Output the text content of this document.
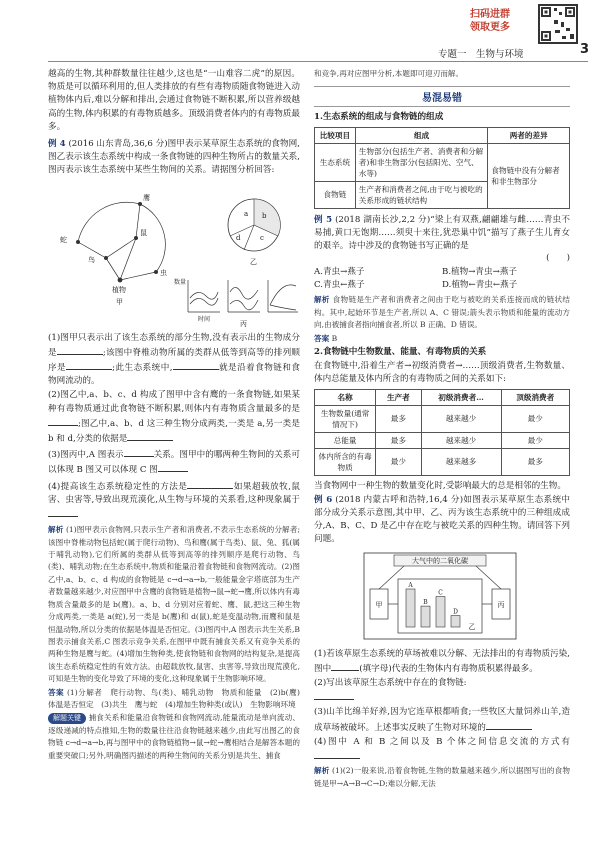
扫码进群
领取更多
专题一　生物与环境	3

越高的生物,其种群数量往往越少,这也是“一山难容二虎”的原因。物质是可以循环利用的,但人类排放的有些有毒物质随食物链进入动植物体内后,难以分解和排出,会通过食物链不断积累,所以营养级越高的生物,体内积累的有毒物质越多。顶级消费者体内的有毒物质最多。

例 4 (2016 山东青岛,36,6 分)图甲表示某草原生态系统的食物网,图乙表示该生态系统中构成一条食物链的四种生物所占的数量关系,图丙表示该生态系统中某些生物间的关系。请据图分析回答:

鹰
蛇
鼠
鸟
虫
植物
甲
a b
c
d
乙
数量
时间
丙

(1)图甲只表示出了该生态系统的部分生物,没有表示出的生物成分是	;该图中脊椎动物所属的类群从低等到高等的排列顺序是	;此生态系统中,	就是沿着食物链和食物网流动的。

(2)图乙中,a、b、c、d 构成了图甲中含有鹰的一条食物链,如果某种有毒物质通过此食物链不断积累,则体内有毒物质含量最多的是;图乙中,a、b、d 这三种生物分成两类,一类是 a,另一类是 b 和 d,分类的依据是

(3)图丙中,A 图表示	关系。图甲中的哪两种生物间的关系可以体现 B 图又可以体现 C 图

(4)提高该生态系统稳定性的方法是	如果超载放牧,鼠害、虫害等,导致出现荒漠化,从生物与环境的关系看,这种现象属于

解析 (1)图甲表示食物网,只表示生产者和消费者,不表示生态系统的分解者;该图中脊椎动物包括蛇(属于爬行动物)、鸟和鹰(属于鸟类)、鼠、兔、狐(属于哺乳动物),它们所属的类群从低等到高等的排列顺序是爬行动物、鸟(类)、哺乳动物;在生态系统中,物质和能量沿着食物链和食物网流动。(2)图乙中,a、b、c、d 构成的食物链是 c→d→a→b,一般能量金字塔底部为生产者数量越来越少,对应图甲中含鹰的食物链是植物→鼠→蛇→鹰,所以体内有毒物质含量最多的是 b(鹰)。a、b、d 分别对应着蛇、鹰、鼠,把这三种生物分成两类,一类是 a(蛇),另一类是 b(鹰)和 d(鼠),蛇是变温动物,而鹰和鼠是恒温动物,所以分类的依据是体温是否恒定。(3)图丙中,A 图表示共生关系,B 图表示捕食关系,C 图表示竞争关系,在图甲中既有捕食关系又有竞争关系的两种生物是鹰与蛇。(4)增加生物种类,使食物链和食物网的结构复杂,是提高该生态系统稳定性的有效方法。由超载放牧,鼠害、虫害等,导致出现荒漠化,可知是生物的变化导致了环境的变化,这种现象属于生物影响环境。

答案 (1)分解者　爬行动物、鸟(类)、哺乳动物　物质和能量　(2)b(鹰)　体温是否恒定　(3)共生　鹰与蛇　(4)增加生物种类(或认)　生物影响环境

解题关键 捕食关系和能量沿食物链和食物网流动,能量流动是单向流动、逐级递减的特点推知,生物的数量往往沿食物链越来越少,由此写出图乙的食物链 c→d→a→b,再与图甲中的食物链植物→鼠→蛇→鹰相结合是解答本题的重要突破口;另外,明确图丙描述的两种生物间的关系分别是共生、捕食

和竞争,再对应图甲分析,本题即可迎刃而解。

易混易错

1.生态系统的组成与食物链的组成

比较项目	组成	两者的差异
生态系统	生物部分(包括生产者、消费者和分解者)和非生物部分(包括阳光、空气、水等)	食物链中没有分解者和非生物部分
食物链	生产者和消费者之间,由于吃与被吃的关系形成的链状结构	

例 5 (2018 湖南长沙,2,2 分)“梁上有双燕,翩翩雄与雌……青虫不易捕,黄口无饱期……须臾十来往,犹恐巢中饥”描写了燕子生儿育女的艰辛。诗中涉及的食物链书写正确的是

(　　)

A.青虫→燕子	B.植物→青虫→燕子
C.青虫←燕子	D.植物←青虫←燕子

解析 食物链是生产者和消费者之间由于吃与被吃的关系连接而成的链状结构。其中,起始环节是生产者,所以 A、C 错误;箭头表示物质和能量的流动方向,由被捕食者指向捕食者,所以 B 正确、D 错误。

答案 B

2.食物链中生物数量、能量、有毒物质的关系

在食物链中,沿着生产者→初级消费者→……顶级消费者,生物数量、体内总能量及体内所含的有毒物质之间的关系如下:

名称	生产者	初级消费者…	顶级消费者
生物数量(通常情况下)	最多	越来越少	最少
总能量	最多	越来越少	最少
体内所含的有毒物质	最少	越来越多	最多

当食物网中一种生物的数量变化时,受影响最大的总是相邻的生物。

例 6 (2018 内蒙古呼和浩特,16,4 分)如图表示某草原生态系统中部分成分关系示意图,其中甲、乙、丙为该生态系统中的三种组成成分,A、B、C、D 是乙中存在吃与被吃关系的四种生物。请回答下列问题。

大气中的二氧化碳
甲	丙
A
B
C
D
乙

(1)若该草原生态系统的草场被难以分解、无法排出的有毒物质污染,图中	(填字母)代表的生物体内有毒物质积累得最多。

(2)写出该草原生态系统中存在的食物链:

(3)山羊比绵羊好养,因为它连草根都啃食;一些牧区大量饲养山羊,造成草场被破坏。上述事实反映了生物对环境的

(4)图中 A 和 B 之间以及 B 个体之间信息交流的方式有

解析 (1)(2)一般来说,沿着食物链,生物的数量越来越少,所以据图写出的食物链是甲→A→B→C→D;难以分解,无法
